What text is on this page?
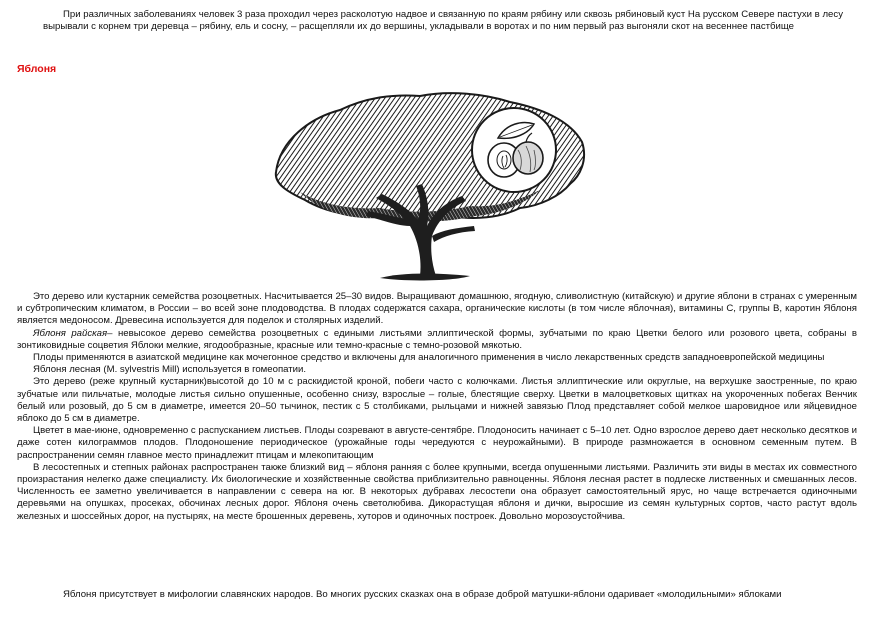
При различных заболеваниях человек 3 раза проходил через расколотую надвое и связанную по краям рябину или сквозь рябиновый куст На русском Севере пастухи в лесу вырывали с корнем три деревца – рябину, ель и сосну, – расщепляли их до вершины, укладывали в воротах и по ним первый раз выгоняли скот на весеннее пастбище

Яблоня

Это дерево или кустарник семейства розоцветных. Насчитывается 25–30 видов. Выращивают домашнюю, ягодную, сливолистную (китайскую) и другие яблони в странах с умеренным и субтропическим климатом, в России – во всей зоне плодоводства. В плодах содержатся сахара, органические кислоты (в том числе яблочная), витамины С, группы В, каротин Яблоня является медоносом. Древесина используется для поделок и столярных изделий.

Яблоня райская– невысокое дерево семейства розоцветных с едиными листьями эллиптической формы, зубчатыми по краю Цветки белого или розового цвета, собраны в зонтиковидные соцветия Яблоки мелкие, ягодообразные, красные или темно-красные с темно-розовой мякотью.

Плоды применяются в азиатской медицине как мочегонное средство и включены для аналогичного применения в число лекарственных средств западноевропейской медицины

Яблоня лесная (M. sylvestris Mill) используется в гомеопатии.

Это дерево (реже крупный кустарник)высотой до 10 м с раскидистой кроной, побеги часто с колючками. Листья эллиптические или округлые, на верхушке заостренные, по краю зубчатые или пильчатые, молодые листья сильно опушенные, особенно снизу, взрослые – голые, блестящие сверху. Цветки в малоцветковых щитках на укороченных побегах Венчик белый или розовый, до 5 см в диаметре, имеется 20–50 тычинок, пестик с 5 столбиками, рыльцами и нижней завязью Плод представляет собой мелкое шаровидное или яйцевидное яблоко до 5 см в диаметре.

Цветет в мае-июне, одновременно с распусканием листьев. Плоды созревают в августе-сентябре. Плодоносить начинает с 5–10 лет. Одно взрослое дерево дает несколько десятков и даже сотен килограммов плодов. Плодоношение периодическое (урожайные годы чередуются с неурожайными). В природе размножается в основном семенным путем. В распространении семян главное место принадлежит птицам и млекопитающим

В лесостепных и степных районах распространен также близкий вид – яблоня ранняя с более крупными, всегда опушенными листьями. Различить эти виды в местах их совместного произрастания нелегко даже специалисту. Их биологические и хозяйственные свойства приблизительно равноценны. Яблоня лесная растет в подлеске лиственных и смешанных лесов. Численность ее заметно увеличивается в направлении с севера на юг. В некоторых дубравах лесостепи она образует самостоятельный ярус, но чаще встречается одиночными деревьями на опушках, просеках, обочинах лесных дорог. Яблоня очень светолюбива. Дикорастущая яблоня и дички, выросшие из семян культурных сортов, часто растут вдоль железных и шоссейных дорог, на пустырях, на месте брошенных деревень, хуторов и одиночных построек. Довольно морозоустойчива.

Яблоня присутствует в мифологии славянских народов. Во многих русских сказках она в образе доброй матушки-яблони одаривает «молодильными» яблоками
